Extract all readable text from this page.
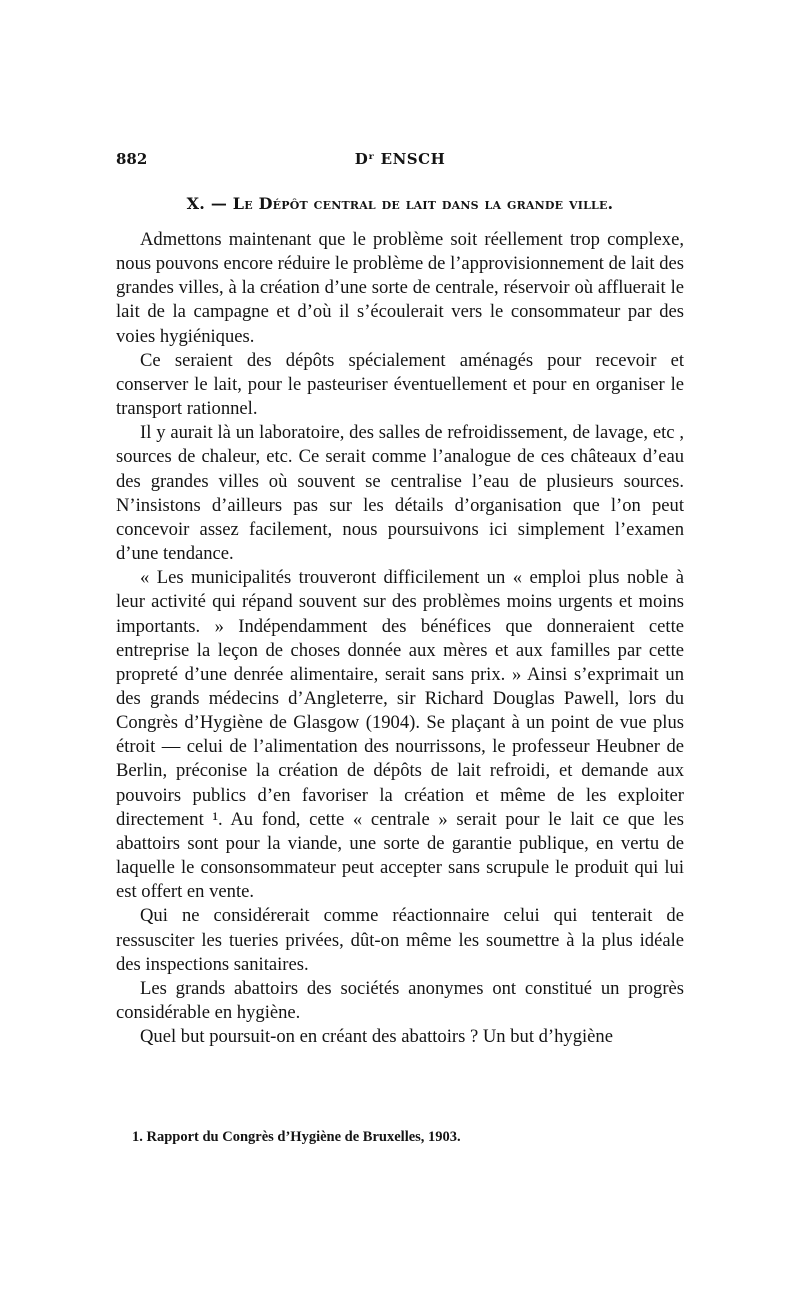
882	Dʳ ENSCH
X. — Le Dépôt central de lait dans la grande ville.

Admettons maintenant que le problème soit réellement trop complexe, nous pouvons encore réduire le problème de l’approvisionnement de lait des grandes villes, à la création d’une sorte de centrale, réservoir où affluerait le lait de la campagne et d’où il s’écoulerait vers le consommateur par des voies hygiéniques.

Ce seraient des dépôts spécialement aménagés pour recevoir et conserver le lait, pour le pasteuriser éventuellement et pour en organiser le transport rationnel.

Il y aurait là un laboratoire, des salles de refroidissement, de lavage, etc , sources de chaleur, etc. Ce serait comme l’analogue de ces châteaux d’eau des grandes villes où souvent se centralise l’eau de plusieurs sources. N’insistons d’ailleurs pas sur les détails d’organisation que l’on peut concevoir assez facilement, nous poursuivons ici simplement l’examen d’une tendance.

« Les municipalités trouveront difficilement un « emploi plus noble à leur activité qui répand souvent sur des problèmes moins urgents et moins importants. » Indépendamment des bénéfices que donneraient cette entreprise la leçon de choses donnée aux mères et aux familles par cette propreté d’une denrée alimentaire, serait sans prix. » Ainsi s’exprimait un des grands médecins d’Angleterre, sir Richard Douglas Pawell, lors du Congrès d’Hygiène de Glasgow (1904). Se plaçant à un point de vue plus étroit — celui de l’alimentation des nourrissons, le professeur Heubner de Berlin, préconise la création de dépôts de lait refroidi, et demande aux pouvoirs publics d’en favoriser la création et même de les exploiter directement ¹. Au fond, cette « centrale » serait pour le lait ce que les abattoirs sont pour la viande, une sorte de garantie publique, en vertu de laquelle le consonsommateur peut accepter sans scrupule le produit qui lui est offert en vente.

Qui ne considérerait comme réactionnaire celui qui tenterait de ressusciter les tueries privées, dût-on même les soumettre à la plus idéale des inspections sanitaires.

Les grands abattoirs des sociétés anonymes ont constitué un progrès considérable en hygiène.

Quel but poursuit-on en créant des abattoirs ? Un but d’hygiène

1. Rapport du Congrès d’Hygiène de Bruxelles, 1903.
